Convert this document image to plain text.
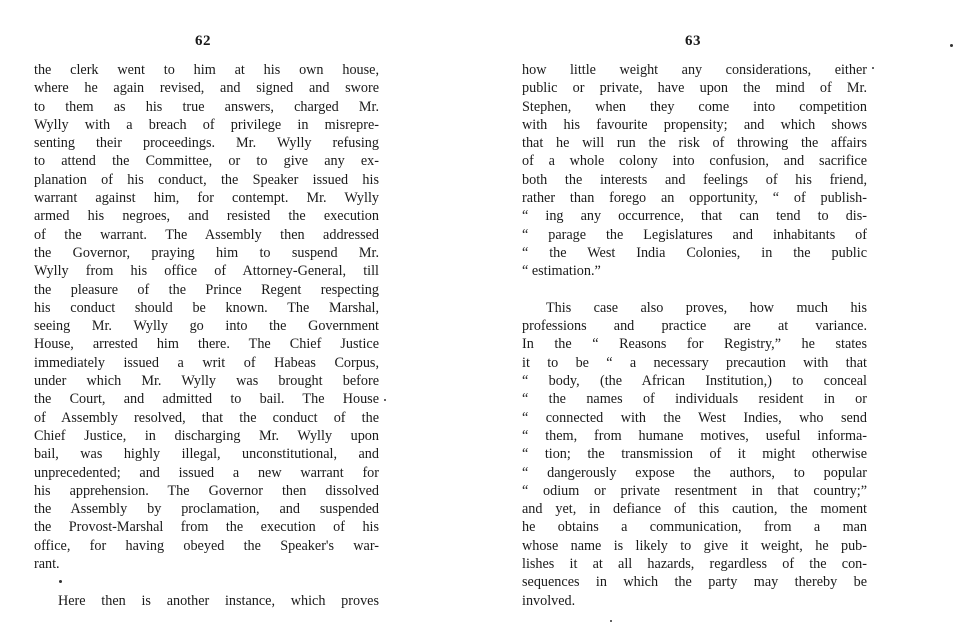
62
the clerk went to him at his own house,
where he again revised, and signed and swore
to them as his true answers, charged Mr.
Wylly with a breach of privilege in misrepre-
senting their proceedings. Mr. Wylly refusing
to attend the Committee, or to give any ex-
planation of his conduct, the Speaker issued his
warrant against him, for contempt. Mr. Wylly
armed his negroes, and resisted the execution
of the warrant. The Assembly then addressed
the Governor, praying him to suspend Mr.
Wylly from his office of Attorney-General, till
the pleasure of the Prince Regent respecting
his conduct should be known. The Marshal,
seeing Mr. Wylly go into the Government
House, arrested him there. The Chief Justice
immediately issued a writ of Habeas Corpus,
under which Mr. Wylly was brought before
the Court, and admitted to bail. The House
of Assembly resolved, that the conduct of the
Chief Justice, in discharging Mr. Wylly upon
bail, was highly illegal, unconstitutional, and
unprecedented; and issued a new warrant for
his apprehension. The Governor then dissolved
the Assembly by proclamation, and suspended
the Provost-Marshal from the execution of his
office, for having obeyed the Speaker's war-
rant.
Here then is another instance, which proves
63
how little weight any considerations, either
public or private, have upon the mind of Mr.
Stephen, when they come into competition
with his favourite propensity; and which shows
that he will run the risk of throwing the affairs
of a whole colony into confusion, and sacrifice
both the interests and feelings of his friend,
rather than forego an opportunity, “ of publish-
“ ing any occurrence, that can tend to dis-
“ parage the Legislatures and inhabitants of
“ the West India Colonies, in the public
“ estimation.”
This case also proves, how much his
professions and practice are at variance.
In the “ Reasons for Registry,” he states
it to be “ a necessary precaution with that
“ body, (the African Institution,) to conceal
“ the names of individuals resident in or
“ connected with the West Indies, who send
“ them, from humane motives, useful informa-
“ tion; the transmission of it might otherwise
“ dangerously expose the authors, to popular
“ odium or private resentment in that country;”
and yet, in defiance of this caution, the moment
he obtains a communication, from a man
whose name is likely to give it weight, he pub-
lishes it at all hazards, regardless of the con-
sequences in which the party may thereby be
involved.
